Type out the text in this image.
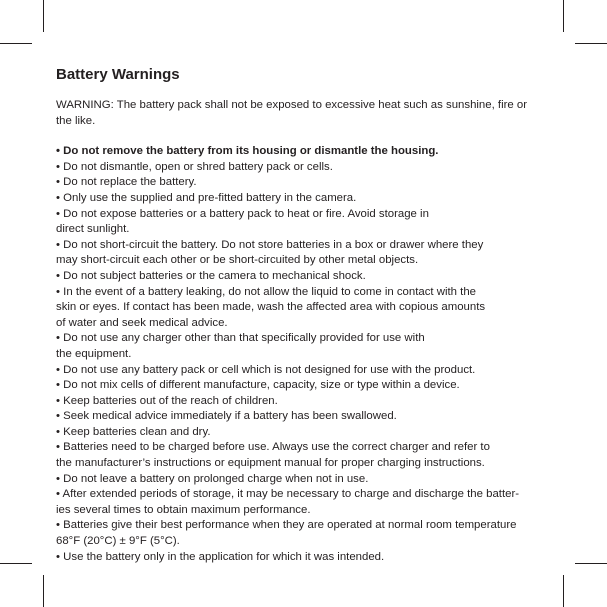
Battery Warnings

WARNING: The battery pack shall not be exposed to excessive heat such as sunshine, fire or the like.

• Do not remove the battery from its housing or dismantle the housing.
• Do not dismantle, open or shred battery pack or cells.
• Do not replace the battery.
• Only use the supplied and pre-fitted battery in the camera.
• Do not expose batteries or a battery pack to heat or fire. Avoid storage in
direct sunlight.
• Do not short-circuit the battery. Do not store batteries in a box or drawer where they
may short-circuit each other or be short-circuited by other metal objects.
• Do not subject batteries or the camera to mechanical shock.
• In the event of a battery leaking, do not allow the liquid to come in contact with the
skin or eyes. If contact has been made, wash the affected area with copious amounts
of water and seek medical advice.
• Do not use any charger other than that specifically provided for use with
the equipment.
• Do not use any battery pack or cell which is not designed for use with the product.
• Do not mix cells of different manufacture, capacity, size or type within a device.
• Keep batteries out of the reach of children.
• Seek medical advice immediately if a battery has been swallowed.
• Keep batteries clean and dry.
• Batteries need to be charged before use. Always use the correct charger and refer to
the manufacturer’s instructions or equipment manual for proper charging instructions.
• Do not leave a battery on prolonged charge when not in use.
• After extended periods of storage, it may be necessary to charge and discharge the batter-
ies several times to obtain maximum performance.
• Batteries give their best performance when they are operated at normal room temperature
68°F (20°C) ± 9°F (5°C).
• Use the battery only in the application for which it was intended.
